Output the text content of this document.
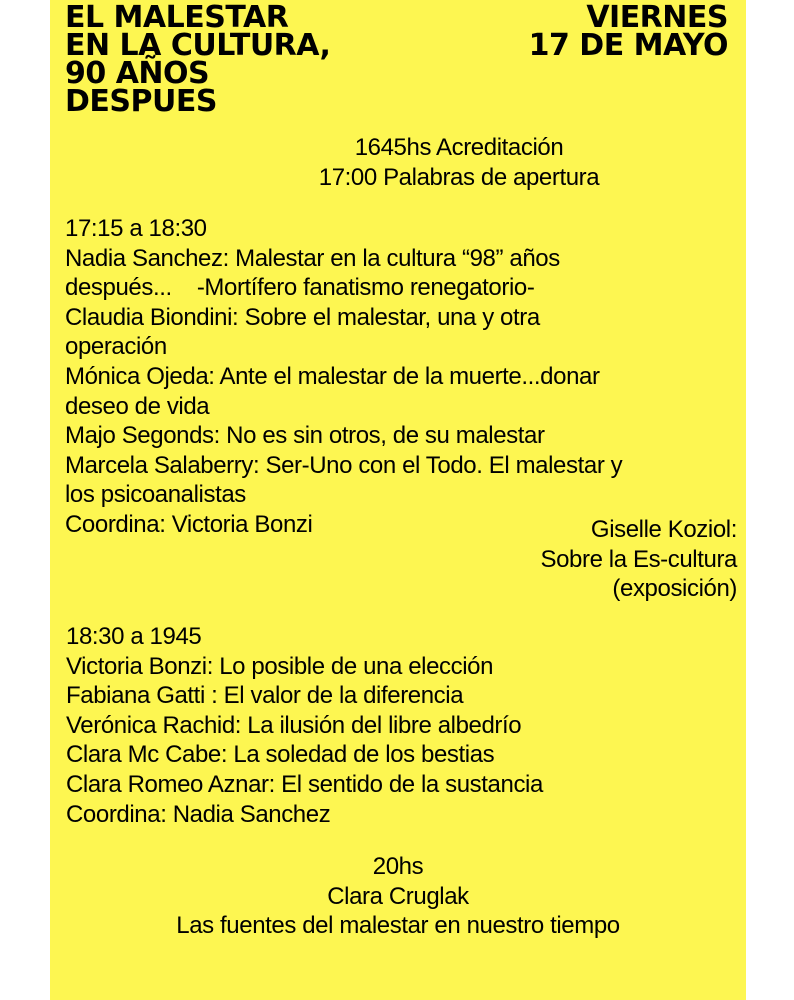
EL MALESTAR
EN LA CULTURA,
90 AÑOS
DESPUES
VIERNES
17 DE MAYO
1645hs Acreditación
17:00 Palabras de apertura
17:15 a 18:30
Nadia Sanchez: Malestar en la cultura “98” años
después...    -Mortífero fanatismo renegatorio-
Claudia Biondini: Sobre el malestar, una y otra
operación
Mónica Ojeda: Ante el malestar de la muerte...donar
deseo de vida
Majo Segonds: No es sin otros, de su malestar
Marcela Salaberry: Ser-Uno con el Todo. El malestar y
los psicoanalistas
Coordina: Victoria Bonzi	Giselle Koziol:
Sobre la Es-cultura
(exposición)
18:30 a 1945
Victoria Bonzi: Lo posible de una elección
Fabiana Gatti : El valor de la diferencia
Verónica Rachid: La ilusión del libre albedrío
Clara Mc Cabe: La soledad de los bestias
Clara Romeo Aznar: El sentido de la sustancia
Coordina: Nadia Sanchez
20hs
Clara Cruglak
Las fuentes del malestar en nuestro tiempo
